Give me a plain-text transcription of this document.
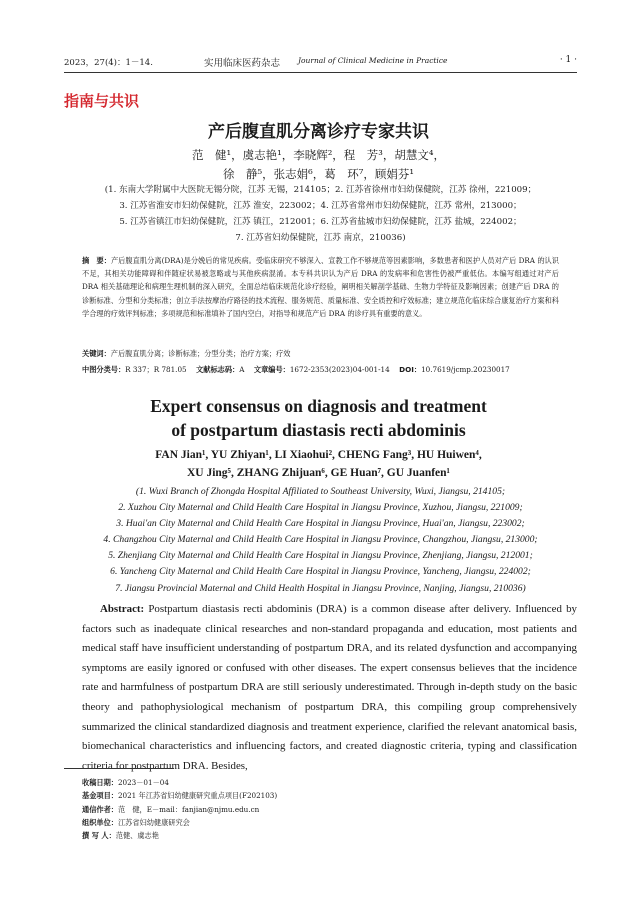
2023，27(4)：1－14.	实用临床医药杂志 Journal of Clinical Medicine in Practice	· 1 ·
指南与共识
产后腹直肌分离诊疗专家共识
范　健¹，虞志艳¹，李晓辉²，程　芳³，胡慧文⁴，
徐　静⁵，张志娟⁶，葛　环⁷，顾娟芬¹
(1. 东南大学附属中大医院无锡分院，江苏 无锡，214105；2. 江苏省徐州市妇幼保健院，江苏 徐州，221009；
3. 江苏省淮安市妇幼保健院，江苏 淮安，223002；4. 江苏省常州市妇幼保健院，江苏 常州，213000；
5. 江苏省镇江市妇幼保健院，江苏 镇江，212001；6. 江苏省盐城市妇幼保健院，江苏 盐城，224002；
7. 江苏省妇幼保健院，江苏 南京，210036)
摘　要：产后腹直肌分离(DRA)是分娩后的常见疾病。受临床研究不够深入、宣教工作不够规范等因素影响，多数患者和医护人员对产后 DRA 的认识不足，其相关功能障碍和伴随症状易被忽略或与其他疾病混淆。本专科共识认为产后 DRA 的发病率和危害性仍被严重低估。本编写组通过对产后 DRA 相关基础理论和病理生理机制的深入研究，全面总结临床规范化诊疗经验，阐明相关解剖学基础、生物力学特征及影响因素；创建产后 DRA 的诊断标准、分型和分类标准；创立手法按摩治疗路径的技术流程、服务规范、质量标准、安全质控和疗效标准；建立规范化临床综合康复治疗方案和科学合理的疗效评判标准；多项规范和标准填补了国内空白，对指导和规范产后 DRA 的诊疗具有重要的意义。
关键词：产后腹直肌分离；诊断标准；分型分类；治疗方案；疗效
中图分类号：R 337；R 781.05  文献标志码：A  文章编号：1672-2353(2023)04-001-14  DOI：10.7619/jcmp.20230017
Expert consensus on diagnosis and treatment
of postpartum diastasis recti abdominis
FAN Jian¹, YU Zhiyan¹, LI Xiaohui², CHENG Fang³, HU Huiwen⁴,
XU Jing⁵, ZHANG Zhijuan⁶, GE Huan⁷, GU Juanfen¹
(1. Wuxi Branch of Zhongda Hospital Affiliated to Southeast University, Wuxi, Jiangsu, 214105;
2. Xuzhou City Maternal and Child Health Care Hospital in Jiangsu Province, Xuzhou, Jiangsu, 221009;
3. Huai'an City Maternal and Child Health Care Hospital in Jiangsu Province, Huai'an, Jiangsu, 223002;
4. Changzhou City Maternal and Child Health Care Hospital in Jiangsu Province, Changzhou, Jiangsu, 213000;
5. Zhenjiang City Maternal and Child Health Care Hospital in Jiangsu Province, Zhenjiang, Jiangsu, 212001;
6. Yancheng City Maternal and Child Health Care Hospital in Jiangsu Province, Yancheng, Jiangsu, 224002;
7. Jiangsu Provincial Maternal and Child Health Hospital in Jiangsu Province, Nanjing, Jiangsu, 210036)
Abstract: Postpartum diastasis recti abdominis (DRA) is a common disease after delivery. Influenced by factors such as inadequate clinical researches and non-standard propaganda and education, most patients and medical staff have insufficient understanding of postpartum DRA, and its related dysfunction and accompanying symptoms are easily ignored or confused with other diseases. The expert consensus believes that the incidence rate and harmfulness of postpartum DRA are still seriously underestimated. Through in-depth study on the basic theory and pathophysiological mechanism of postpartum DRA, this compiling group comprehensively summarized the clinical standardized diagnosis and treatment experience, clarified the relevant anatomical basis, biomechanical characteristics and influencing factors, and created diagnostic criteria, typing and classification criteria for postpartum DRA. Besides,
收稿日期：2023－01－04
基金项目：2021 年江苏省妇幼健康研究重点项目(F202103)
通信作者：范　健，E－mail：fanjian@njmu.edu.cn
组织单位：江苏省妇幼健康研究会
撰 写 人：范健、虞志艳
